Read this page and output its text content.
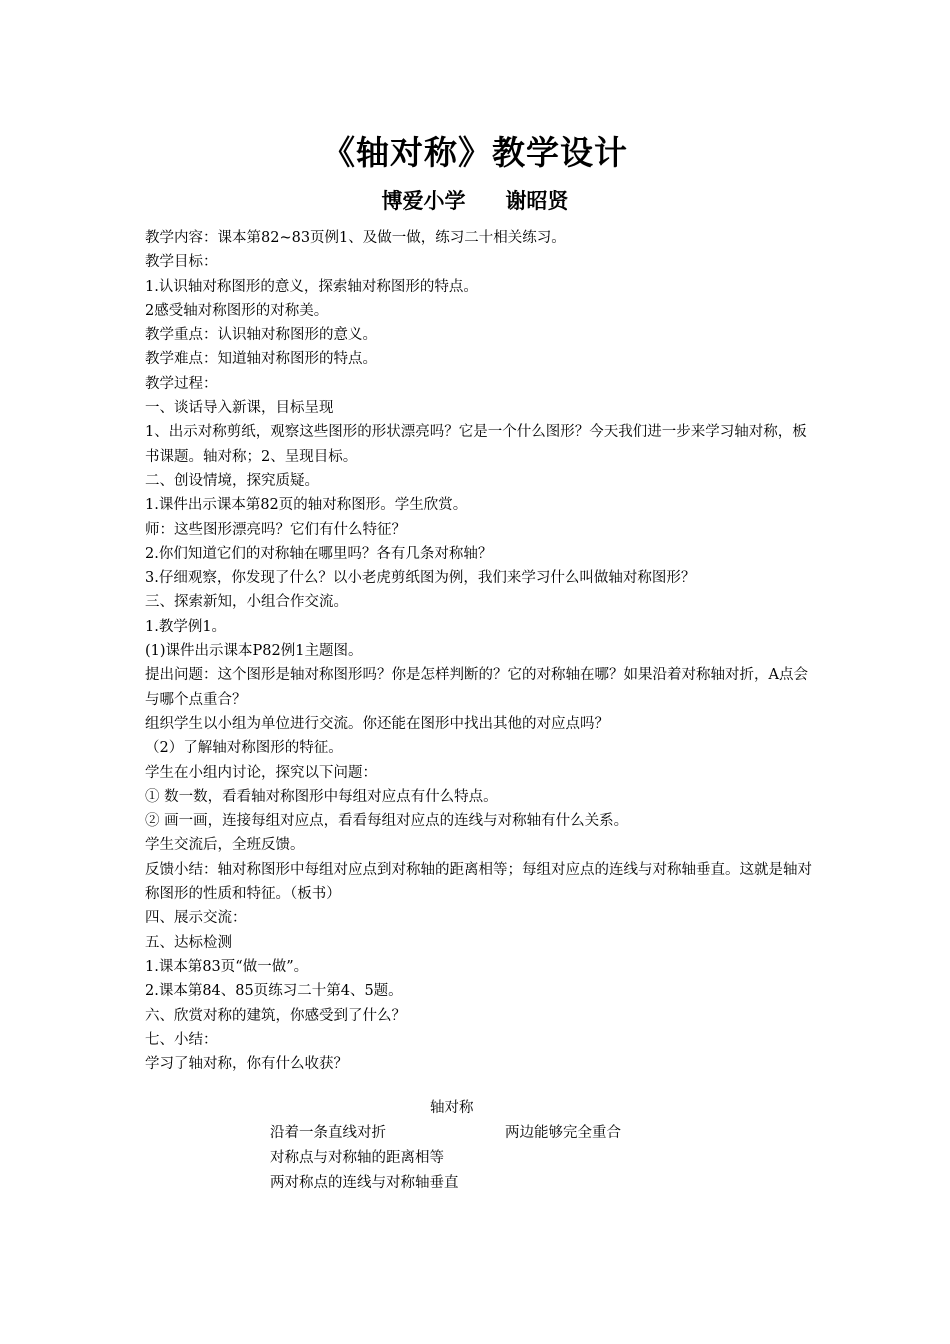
《轴对称》教学设计
博爱小学 谢昭贤
教学内容：课本第82~83页例1、及做一做，练习二十相关练习。
教学目标：
1.认识轴对称图形的意义，探索轴对称图形的特点。
2感受轴对称图形的对称美。
教学重点：认识轴对称图形的意义。
教学难点：知道轴对称图形的特点。
教学过程：
一、谈话导入新课，目标呈现
1、出示对称剪纸，观察这些图形的形状漂亮吗？它是一个什么图形？今天我们进一步来学习轴对称，板书课题。轴对称；2、呈现目标。
二、创设情境，探究质疑。
1.课件出示课本第82页的轴对称图形。学生欣赏。
师：这些图形漂亮吗？它们有什么特征？
2.你们知道它们的对称轴在哪里吗？各有几条对称轴？
3.仔细观察，你发现了什么？以小老虎剪纸图为例，我们来学习什么叫做轴对称图形？
三、探索新知，小组合作交流。
1.教学例1。
(1)课件出示课本P82例1主题图。
提出问题：这个图形是轴对称图形吗？你是怎样判断的？它的对称轴在哪？如果沿着对称轴对折，A点会与哪个点重合？
组织学生以小组为单位进行交流。你还能在图形中找出其他的对应点吗？
（2）了解轴对称图形的特征。
学生在小组内讨论，探究以下问题：
① 数一数，看看轴对称图形中每组对应点有什么特点。
② 画一画，连接每组对应点，看看每组对应点的连线与对称轴有什么关系。
学生交流后，全班反馈。
反馈小结：轴对称图形中每组对应点到对称轴的距离相等；每组对应点的连线与对称轴垂直。这就是轴对称图形的性质和特征。（板书）
四、展示交流：
五、达标检测
1.课本第83页“做一做”。
2.课本第84、85页练习二十第4、5题。
六、欣赏对称的建筑，你感受到了什么？
七、小结：
学习了轴对称，你有什么收获？
轴对称
沿着一条直线对折	两边能够完全重合
对称点与对称轴的距离相等
两对称点的连线与对称轴垂直
